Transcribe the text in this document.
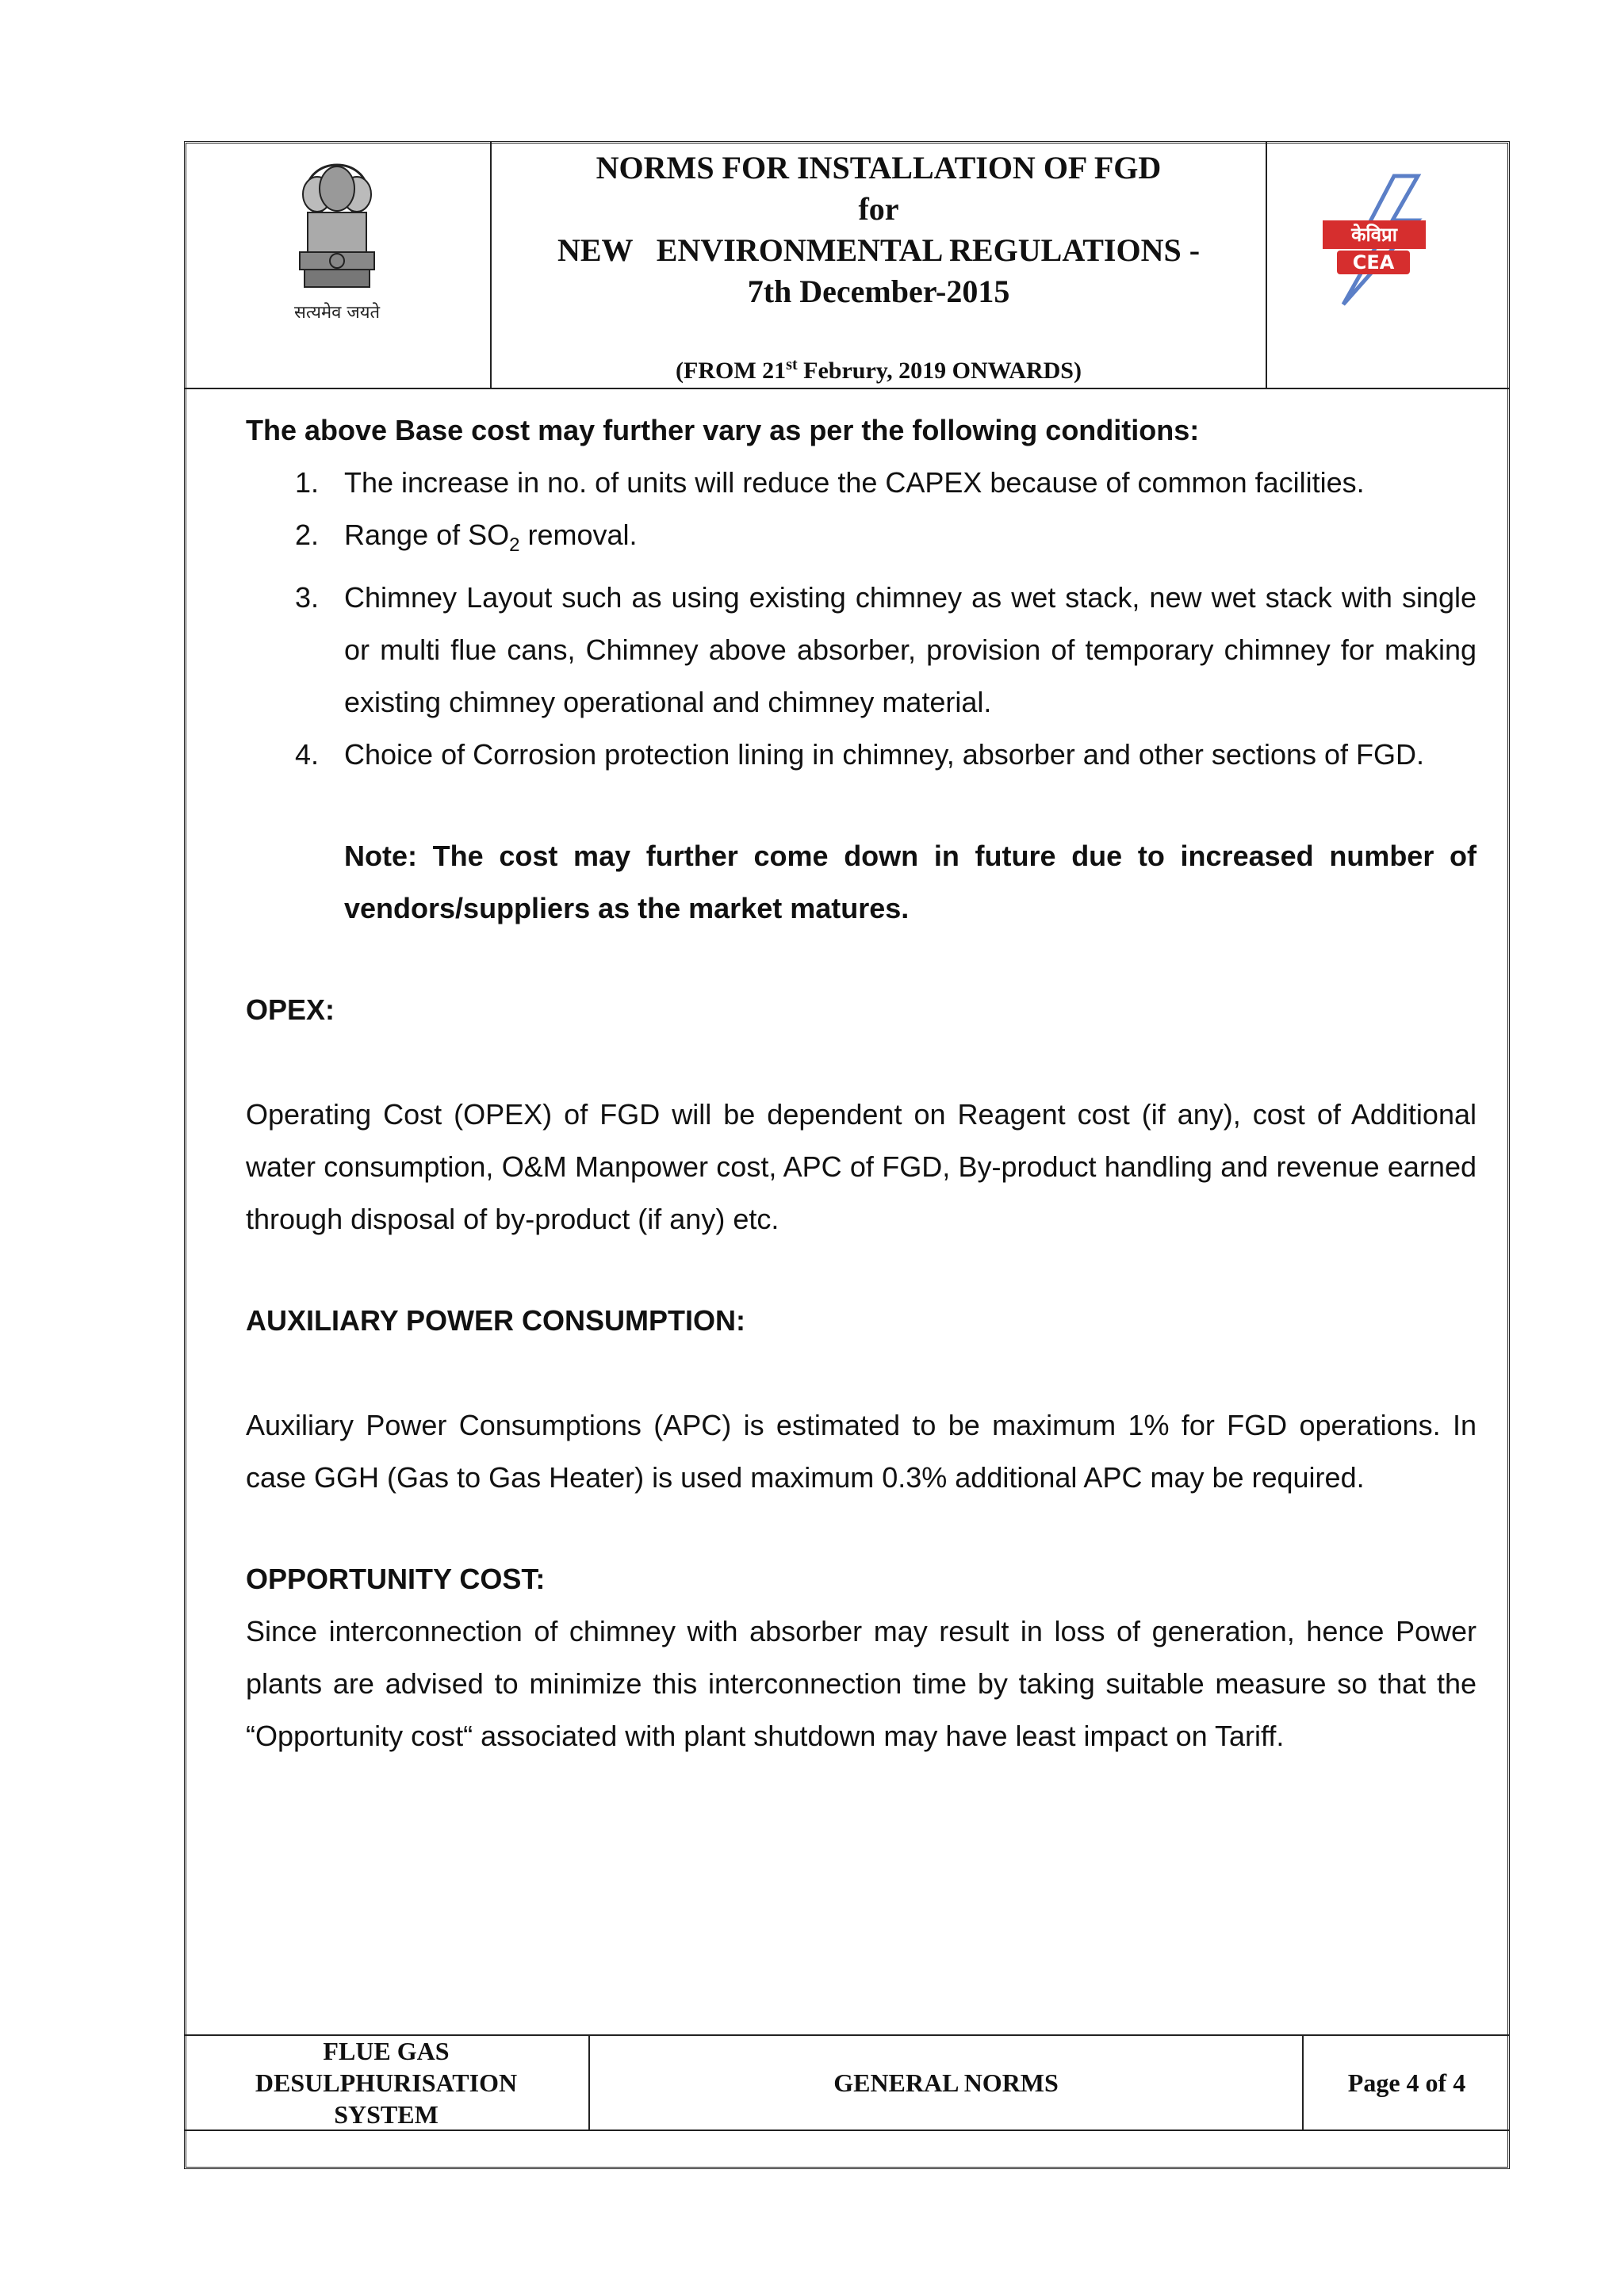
सत्यमेव जयते
NORMS FOR INSTALLATION OF FGD
for
NEW   ENVIRONMENTAL REGULATIONS -
7th December-2015
(FROM 21st Februry, 2019 ONWARDS)
केविप्रा
CEA

The above Base cost may further vary as per the following conditions:

1. The increase in no. of units will reduce the CAPEX because of common facilities.
2. Range of $SO_2$ removal.
3. Chimney Layout such as using existing chimney as wet stack, new wet stack with single or multi flue cans, Chimney above absorber, provision of temporary chimney for making existing chimney operational and chimney material.
4. Choice of Corrosion protection lining in chimney, absorber and other sections of FGD.

Note: The cost may further come down in future due to increased number of vendors/suppliers as the market matures.

OPEX:

Operating Cost (OPEX) of FGD will be dependent on Reagent cost (if any), cost of Additional water consumption, O&M Manpower cost, APC of FGD, By-product handling and revenue earned through disposal of by-product (if any) etc.

AUXILIARY POWER CONSUMPTION:

Auxiliary Power Consumptions (APC) is estimated to be maximum 1% for FGD operations. In case GGH (Gas to Gas Heater) is used maximum 0.3% additional APC may be required.

OPPORTUNITY COST:

Since interconnection of chimney with absorber may result in loss of generation, hence Power plants are advised to minimize this interconnection time by taking suitable measure so that the “Opportunity cost“ associated with plant shutdown may have least impact on Tariff.

FLUE GAS
DESULPHURISATION
SYSTEM
GENERAL NORMS	Page 4 of 4
